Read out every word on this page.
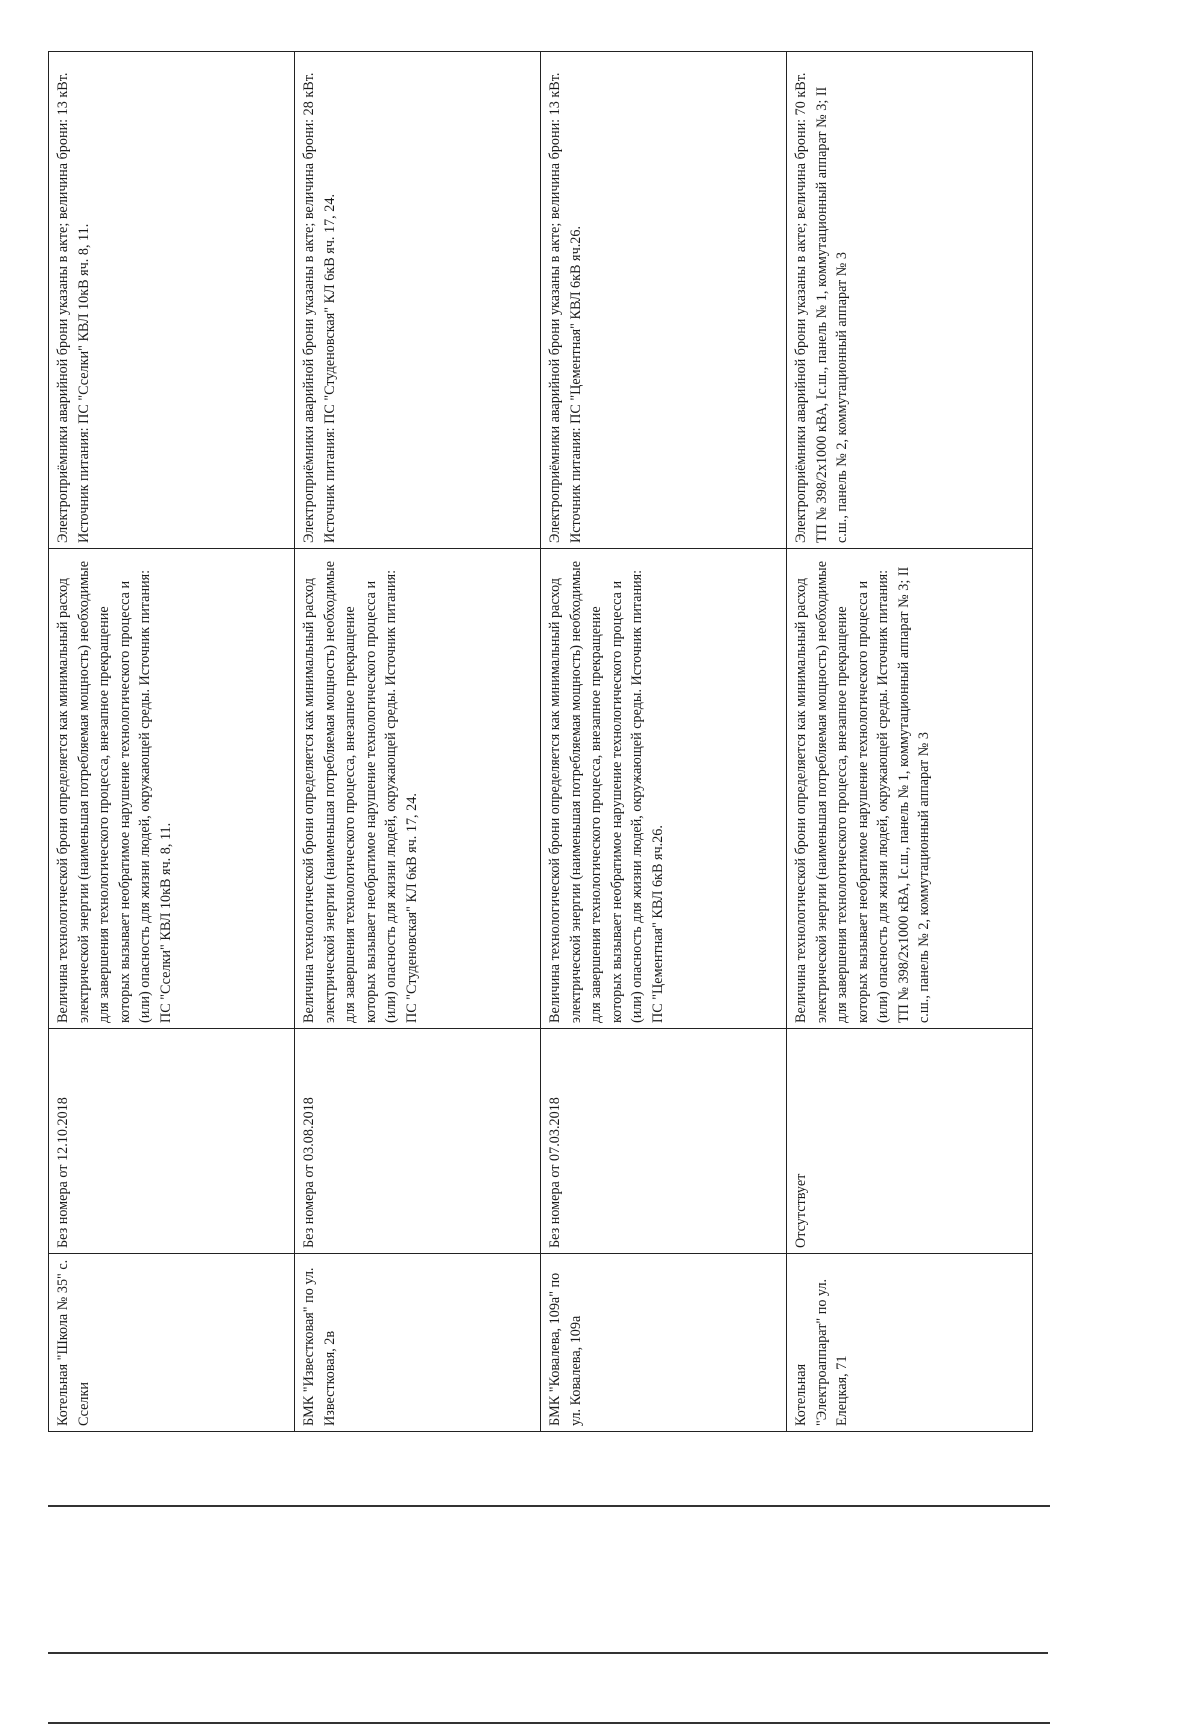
Котельная "Школа № 35" с. Сселки	Без номера от 12.10.2018	Величина технологической брони определяется как минимальный расход электрической энергии (наименьшая потребляемая мощность) необходимые для завершения технологического процесса, внезапное прекращение которых вызывает необратимое нарушение технологического процесса и (или) опасность для жизни людей, окружающей среды. Источник питания: ПС "Сселки" КВЛ 10кВ яч. 8, 11.	Электроприёмники аварийной брони указаны в акте; величина брони: 13 кВт. Источник питания: ПС "Сселки" КВЛ 10кВ яч. 8, 11.
БМК "Известковая" по ул. Известковая, 2в	Без номера от 03.08.2018	Величина технологической брони определяется как минимальный расход электрической энергии (наименьшая потребляемая мощность) необходимые для завершения технологического процесса, внезапное прекращение которых вызывает необратимое нарушение технологического процесса и (или) опасность для жизни людей, окружающей среды. Источник питания: ПС "Студеновская" КЛ 6кВ яч. 17, 24.	Электроприёмники аварийной брони указаны в акте; величина брони: 28 кВт. Источник питания: ПС "Студеновская" КЛ 6кВ яч. 17, 24.
БМК "Ковалева, 109а" по ул. Ковалева, 109а	Без номера от 07.03.2018	Величина технологической брони определяется как минимальный расход электрической энергии (наименьшая потребляемая мощность) необходимые для завершения технологического процесса, внезапное прекращение которых вызывает необратимое нарушение технологического процесса и (или) опасность для жизни людей, окружающей среды. Источник питания: ПС "Цементная" КВЛ 6кВ яч.26.	Электроприёмники аварийной брони указаны в акте; величина брони: 13 кВт. Источник питания: ПС "Цементная" КВЛ 6кВ яч.26.
Котельная "Электроаппарат" по ул. Елецкая, 71	Отсутствует	Величина технологической брони определяется как минимальный расход электрической энергии (наименьшая потребляемая мощность) необходимые для завершения технологического процесса, внезапное прекращение которых вызывает необратимое нарушение технологического процесса и (или) опасность для жизни людей, окружающей среды. Источник питания: ТП № 398/2х1000 кВА, Iс.ш., панель № 1, коммутационный аппарат № 3; II с.ш., панель № 2, коммутационный аппарат № 3	Электроприёмники аварийной брони указаны в акте; величина брони: 70 кВт. ТП № 398/2х1000 кВА, Iс.ш., панель № 1, коммутационный аппарат № 3; II с.ш., панель № 2, коммутационный аппарат № 3
